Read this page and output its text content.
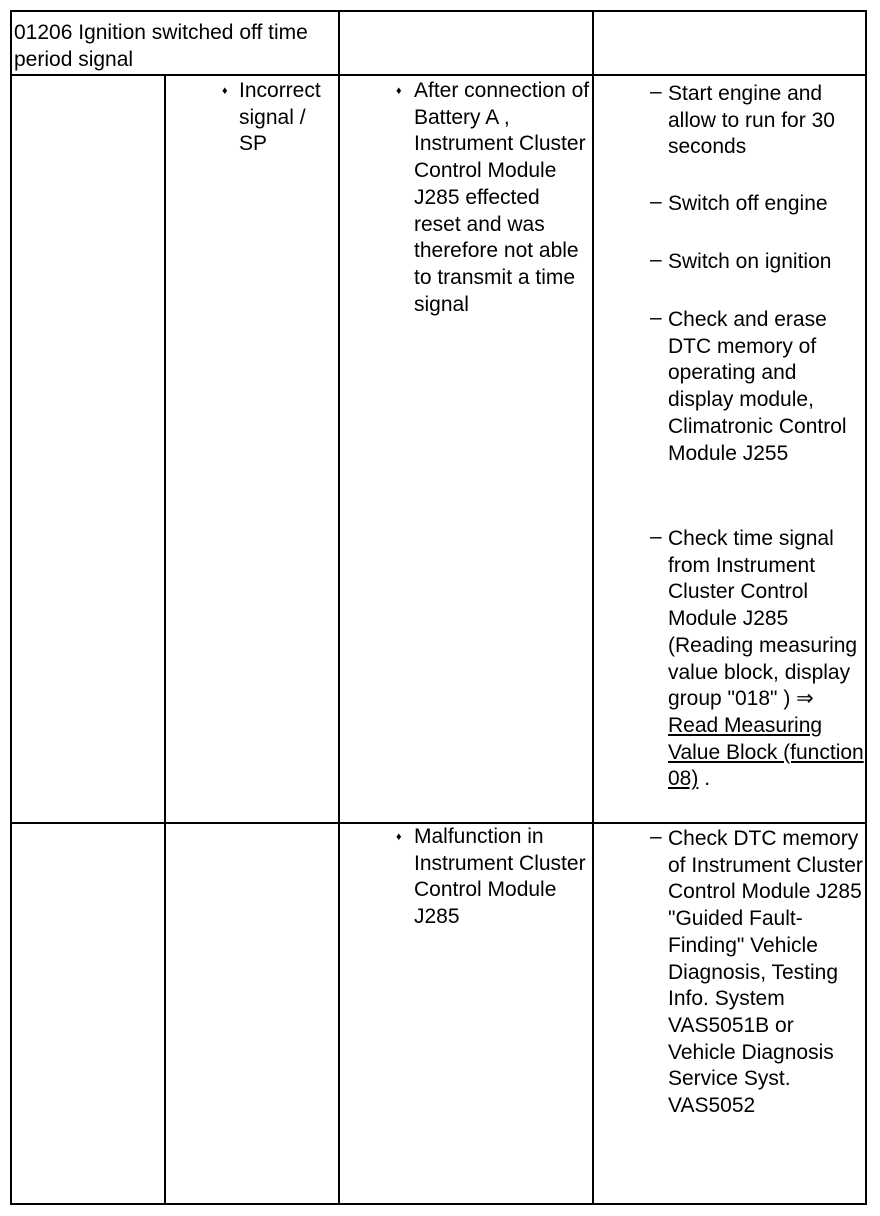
01206 Ignition switched off time period signal
♦ Incorrect signal / SP
♦ After connection of Battery A , Instrument Cluster Control Module J285 effected reset and was therefore not able to transmit a time signal
– Start engine and allow to run for 30 seconds
– Switch off engine
– Switch on ignition
– Check and erase DTC memory of operating and display module, Climatronic Control Module J255
– Check time signal from Instrument Cluster Control Module J285 (Reading measuring value block, display group "018" ) ⇒ Read Measuring Value Block (function 08) .
♦ Malfunction in Instrument Cluster Control Module J285
– Check DTC memory of Instrument Cluster Control Module J285 "Guided Fault-Finding" Vehicle Diagnosis, Testing Info. System VAS5051B or Vehicle Diagnosis Service Syst. VAS5052
